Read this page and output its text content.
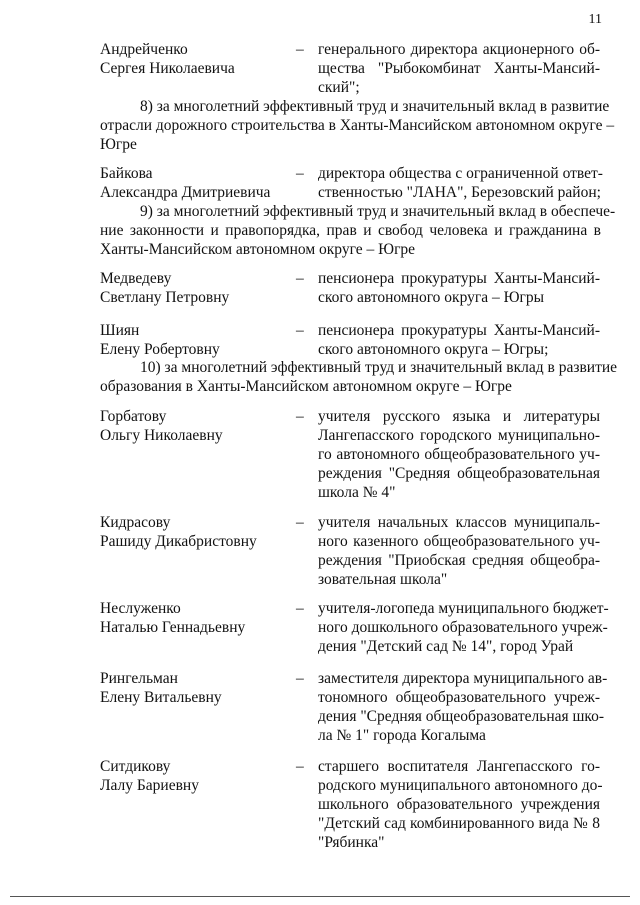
11
Андрейченко
Сергея Николаевича
– генерального директора акционерного об-
щества "Рыбокомбинат Ханты-Мансий-
ский";
8) за многолетний эффективный труд и значительный вклад в развитие
отрасли дорожного строительства в Ханты-Мансийском автономном округе –
Югре
Байкова
Александра Дмитриевича
– директора общества с ограниченной ответ-
ственностью "ЛАНА", Березовский район;
9) за многолетний эффективный труд и значительный вклад в обеспече-
ние законности и правопорядка, прав и свобод человека и гражданина в
Ханты-Мансийском автономном округе – Югре
Медведеву
Светлану Петровну
– пенсионера прокуратуры Ханты-Мансий-
ского автономного округа – Югры
Шиян
Елену Робертовну
– пенсионера прокуратуры Ханты-Мансий-
ского автономного округа – Югры;
10) за многолетний эффективный труд и значительный вклад в развитие
образования в Ханты-Мансийском автономном округе – Югре
Горбатову
Ольгу Николаевну
– учителя русского языка и литературы
Лангепасского городского муниципально-
го автономного общеобразовательного уч-
реждения "Средняя общеобразовательная
школа № 4"
Кидрасову
Рашиду Дикабристовну
– учителя начальных классов муниципаль-
ного казенного общеобразовательного уч-
реждения "Приобская средняя общеобра-
зовательная школа"
Неслуженко
Наталью Геннадьевну
– учителя-логопеда муниципального бюджет-
ного дошкольного образовательного учреж-
дения "Детский сад № 14", город Урай
Рингельман
Елену Витальевну
– заместителя директора муниципального ав-
тономного общеобразовательного учреж-
дения "Средняя общеобразовательная шко-
ла № 1" города Когалыма
Ситдикову
Лалу Бариевну
– старшего воспитателя Лангепасского го-
родского муниципального автономного до-
школьного образовательного учреждения
"Детский сад комбинированного вида № 8
"Рябинка"
